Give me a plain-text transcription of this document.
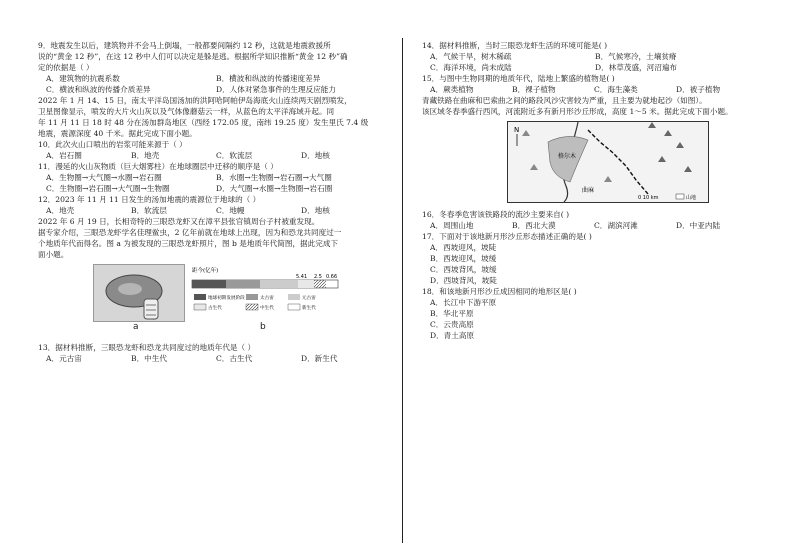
9．地震发生以后，建筑物并不会马上倒塌，一般都要间隔约 12 秒，这就是地震救援所
说的“黄金 12 秒”，在这 12 秒中人们可以决定是躲是逃。根据所学知识推断“黄金 12 秒”确
定的依据是（ ）
A．建筑物的抗震系数	B．横波和纵波的传播速度差异
C．横波和纵波的传播介质差异	D．人体对紧急事件的生理反应能力
2022 年 1 月 14、15 日，南太平洋岛国汤加的洪阿哈阿帕伊岛海底火山连续两天剧烈喷发，
卫星图像显示，喷发的大片火山灰以及气体像蘑菇云一样，从蓝色的太平洋海域升起。同
年 11 月 11 日 18 时 48 分在汤加群岛地区（西经 172.05 度，南纬 19.25 度）发生里氏 7.4 级
地震，震源深度 40 千米。据此完成下面小题。
10．此次火山口喷出的岩浆可能来源于（ ）
A．岩石圈	B．地壳	C．软流层	D．地核
11．漫延的火山灰物质（巨大烟雾柱）在地球圈层中迁移的顺序是（ ）
A．生物圈→大气圈→水圈→岩石圈	B．水圈→生物圈→岩石圈→大气圈
C．生物圈→岩石圈→大气圈→生物圈	D．大气圈→水圈→生物圈→岩石圈
12．2023 年 11 月 11 日发生的汤加地震的震源位于地球的（ ）
A．地壳	B．软流层	C．地幔	D．地核
2022 年 6 月 19 日，长相奇特的三眼恐龙虾又在漳平县张官镇周台子村被重发现。
据专家介绍，三眼恐龙虾学名佳理鲎虫，2 亿年前就在地球上出现，因为和恐龙共同度过一
个地质年代而得名。图 a 为被发现的三眼恐龙虾照片，图 b 是地质年代简图，据此完成下
面小题。
距今(亿年)
5.41 2.5 0.66
地球初期发展阶段
古生代
太古宙
中生代
元古宙
新生代
a	b
13．据材料推断，三眼恐龙虾和恐龙共同度过的地质年代是（ ）
A．元古宙	B．中生代	C．古生代	D．新生代
14．据材料推断，当时三眼恐龙虾生活的环境可能是( )
A．气候干旱，树木稀疏	B．气候寒冷，土壤贫瘠
C．海洋环境，尚未成陆	D．林草茂盛，河沼遍布
15．与图中生物同期的地质年代，陆地上繁盛的植物是( )
A．蕨类植物	B．裸子植物	C．海生藻类	D．被子植物
青藏铁路在曲麻和巴索曲之间的路段风沙灾害较为严重，且主要为就地起沙（如图）。
该区域冬春季盛行西风，河流附近多有新月形沙丘形成，高度 1～5 米。据此完成下面小题。
N
格尔木
曲麻
0 10 km	山地
16．冬春季危害该铁路段的流沙主要来自( )
A．周围山地	B．西北大漠	C．湖滨河滩	D．中亚内陆
17．下面对于该地新月形沙丘形态描述正确的是( )
A．西坡迎风，坡陡
B．西坡迎风，坡缓
C．西坡背风，坡缓
D．西坡背风，坡陡
18．和该地新月形沙丘成因相同的地形区是( )
A．长江中下游平原
B．华北平原
C．云贵高原
D．青土高原
